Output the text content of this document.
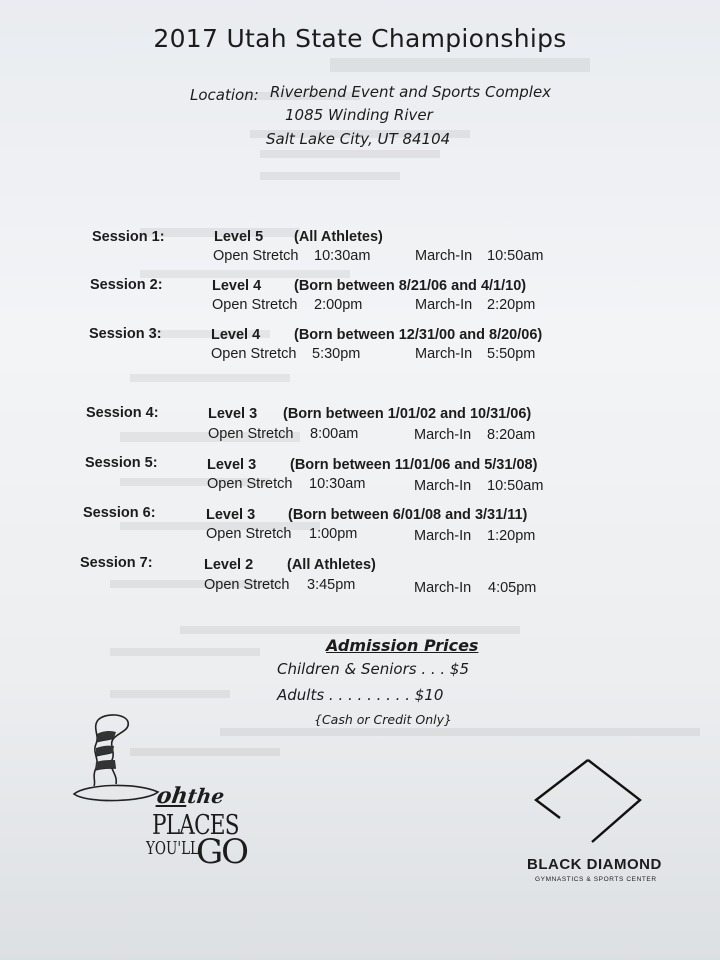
2017 Utah State Championships
Location: Riverbend Event and Sports Complex
1085 Winding River
Salt Lake City, UT 84104
Session 1:	Level 5 (All Athletes)
Open Stretch 10:30am	March-In 10:50am
Session 2:	Level 4 (Born between 8/21/06 and 4/1/10)
Open Stretch 2:00pm	March-In 2:20pm
Session 3:	Level 4 (Born between 12/31/00 and 8/20/06)
Open Stretch 5:30pm	March-In 5:50pm
Session 4:	Level 3 (Born between 1/01/02 and 10/31/06)
Open Stretch 8:00am	March-In 8:20am
Session 5:	Level 3 (Born between 11/01/06 and 5/31/08)
Open Stretch 10:30am	March-In 10:50am
Session 6:	Level 3 (Born between 6/01/08 and 3/31/11)
Open Stretch 1:00pm	March-In 1:20pm
Session 7:	Level 2 (All Athletes)
Open Stretch 3:45pm	March-In 4:05pm
Admission Prices
Children & Seniors . . . $5
Adults . . . . . . . . . $10
{Cash or Credit Only}
ohthe
PLACES
YOU'LL
GO	BLACK DIAMOND
GYMNASTICS & SPORTS CENTER
